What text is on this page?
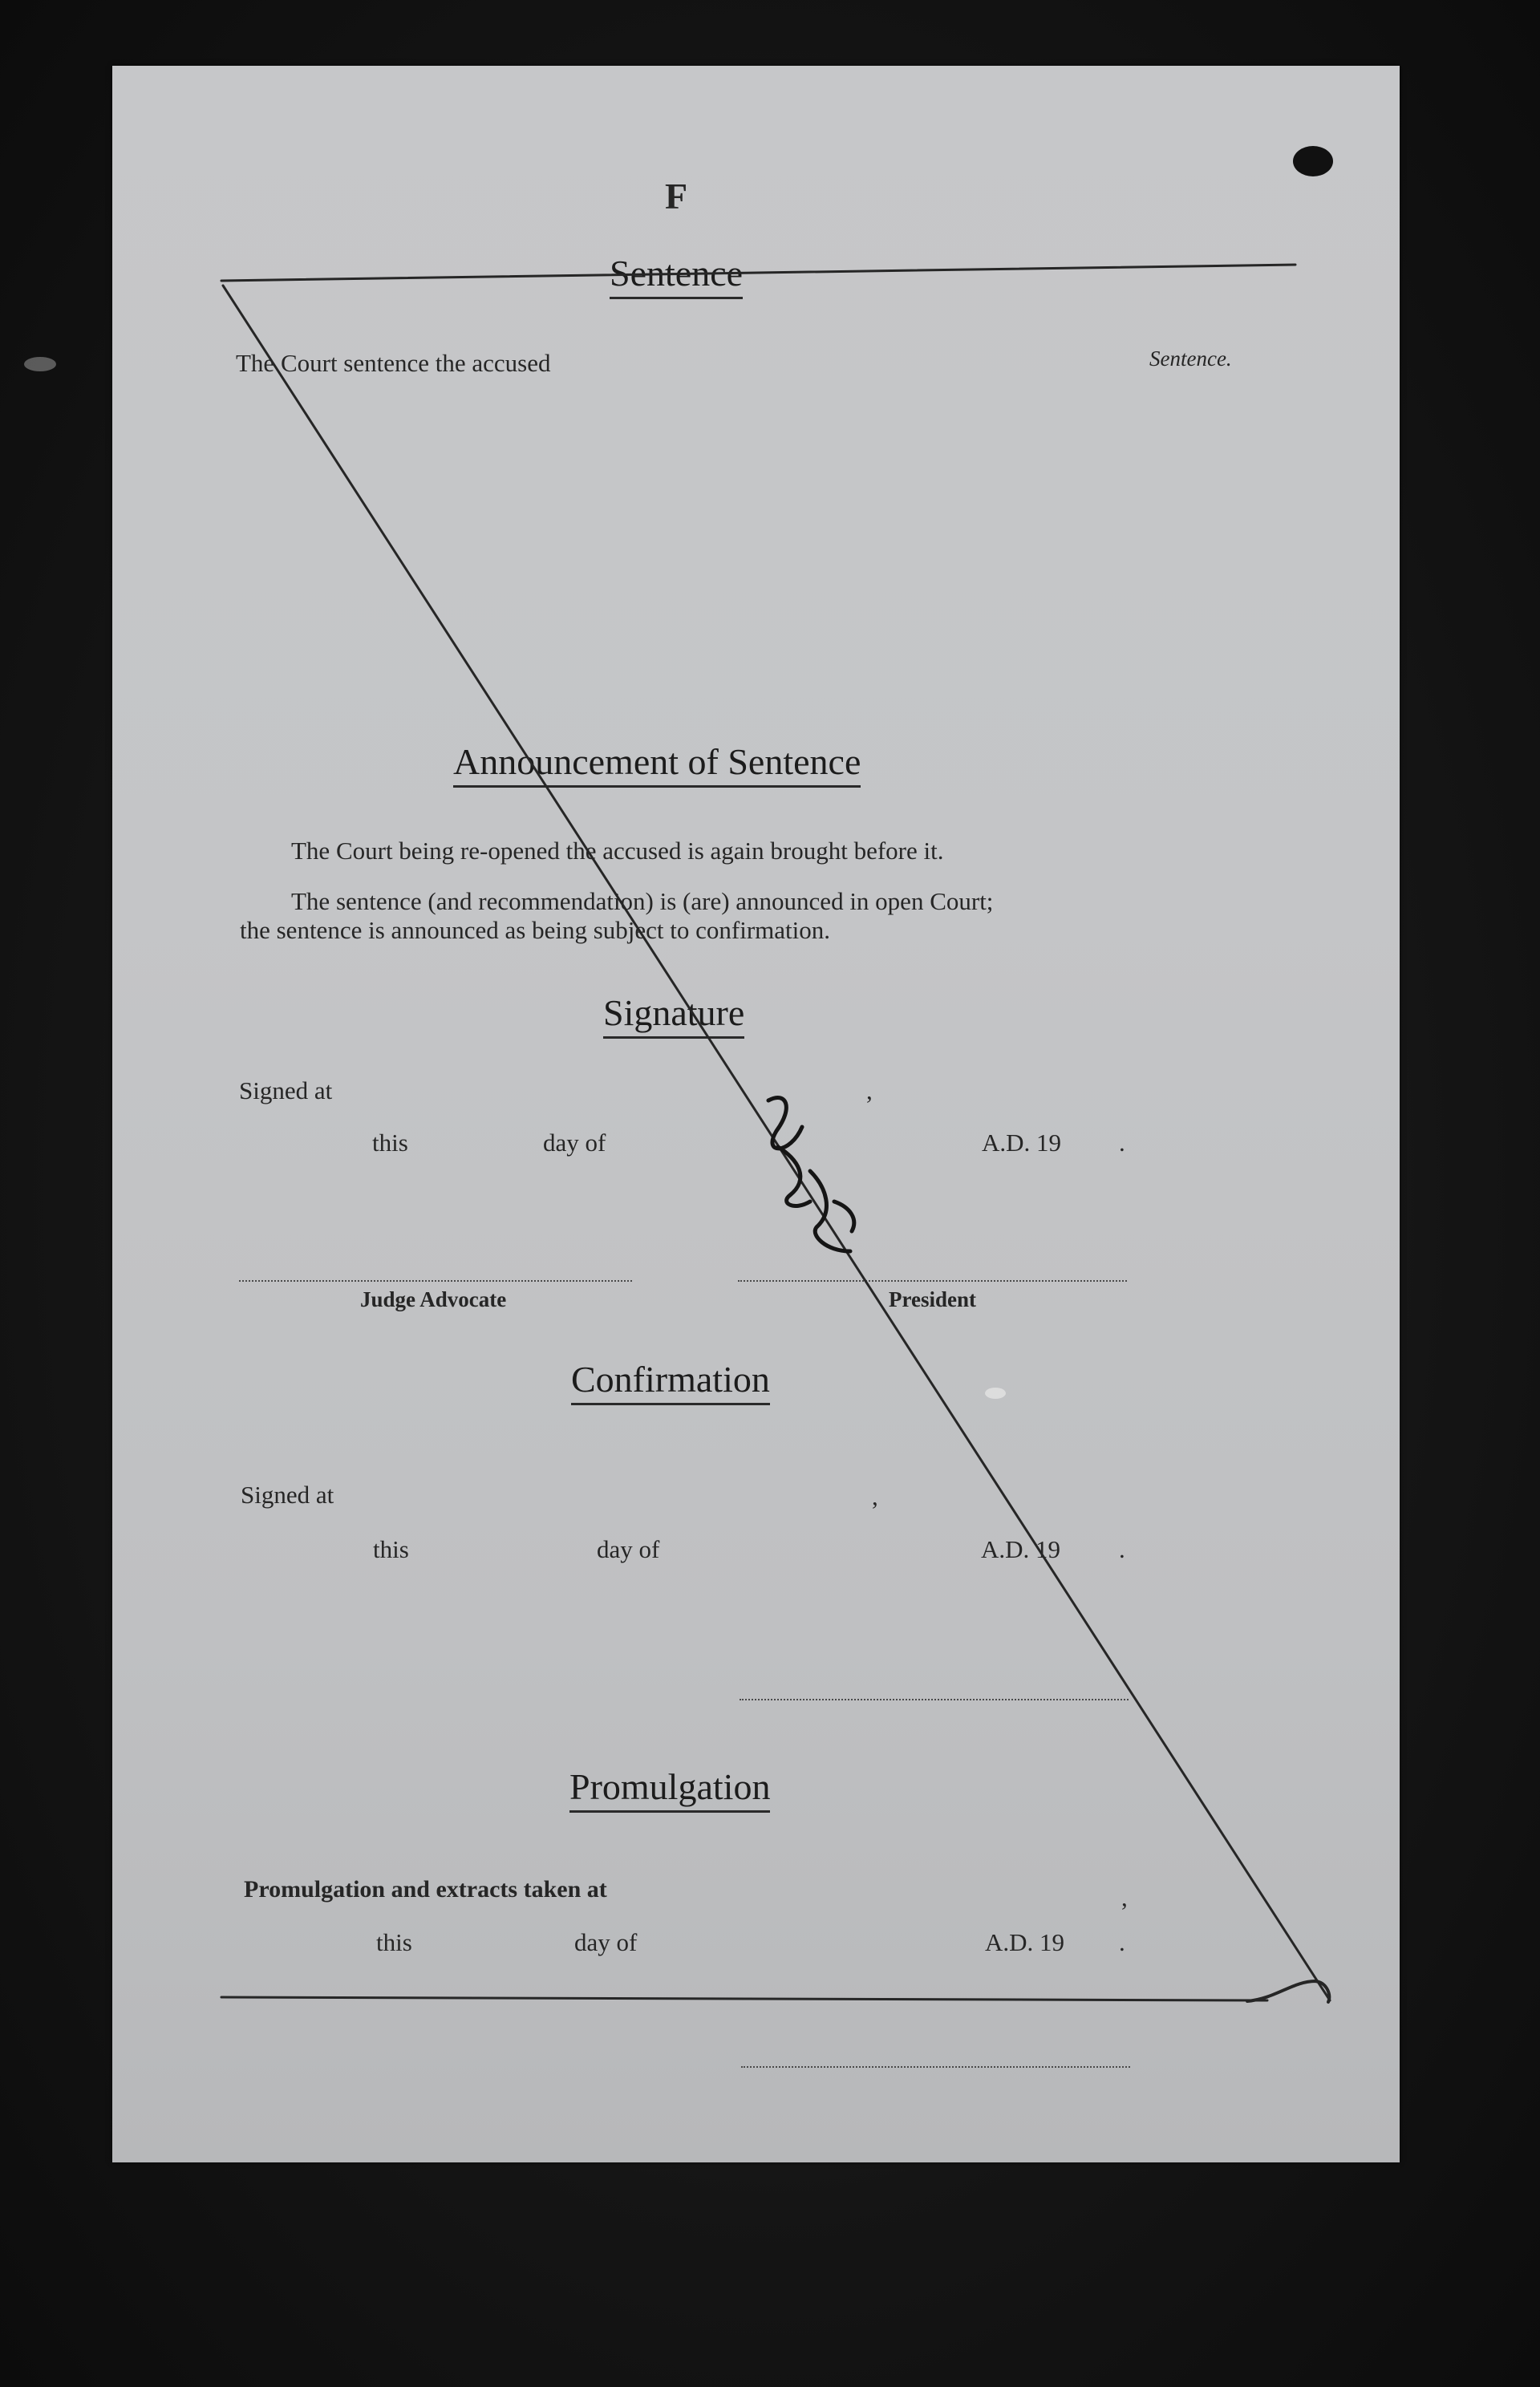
F
Sentence
The Court sentence the accused	Sentence.
Announcement of Sentence
The Court being re-opened the accused is again brought before it.
The sentence (and recommendation) is (are) announced in open Court;
the sentence is announced as being subject to confirmation.
Signature
Signed at	,
this	day of	A.D. 19 .
Judge Advocate	President
Confirmation
Signed at	,
this	day of	A.D. 19 .
Promulgation
Promulgation and extracts taken at	,
this	day of	A.D. 19 .
